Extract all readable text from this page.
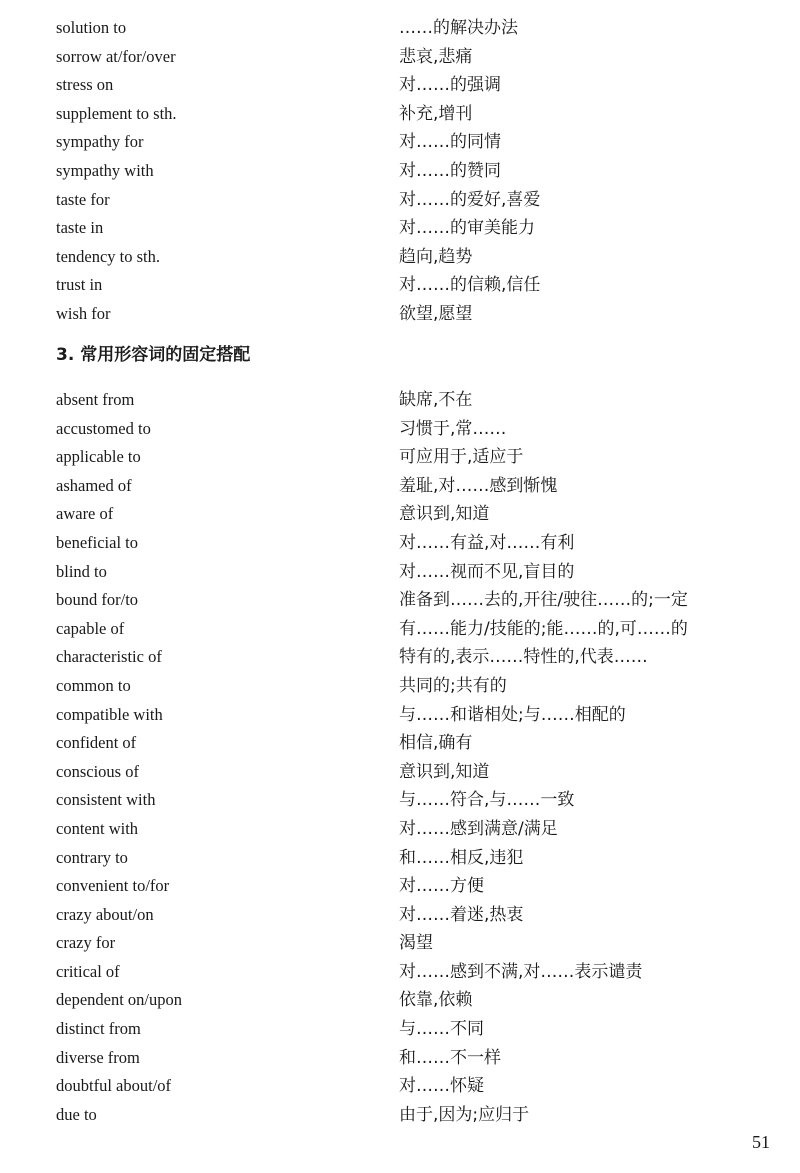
solution to	……的解决办法
sorrow at/for/over	悲哀,悲痛
stress on	对……的强调
supplement to sth.	补充,增刊
sympathy for	对……的同情
sympathy with	对……的赞同
taste for	对……的爱好,喜爱
taste in	对……的审美能力
tendency to sth.	趋向,趋势
trust in	对……的信赖,信任
wish for	欲望,愿望
3. 常用形容词的固定搭配
absent from	缺席,不在
accustomed to	习惯于,常……
applicable to	可应用于,适应于
ashamed of	羞耻,对……感到惭愧
aware of	意识到,知道
beneficial to	对……有益,对……有利
blind to	对……视而不见,盲目的
bound for/to	准备到……去的,开往/驶往……的;一定
capable of	有……能力/技能的;能……的,可……的
characteristic of	特有的,表示……特性的,代表……
common to	共同的;共有的
compatible with	与……和谐相处;与……相配的
confident of	相信,确有
conscious of	意识到,知道
consistent with	与……符合,与……一致
content with	对……感到满意/满足
contrary to	和……相反,违犯
convenient to/for	对……方便
crazy about/on	对……着迷,热衷
crazy for	渴望
critical of	对……感到不满,对……表示谴责
dependent on/upon	依靠,依赖
distinct from	与……不同
diverse from	和……不一样
doubtful about/of	对……怀疑
due to	由于,因为;应归于
51
